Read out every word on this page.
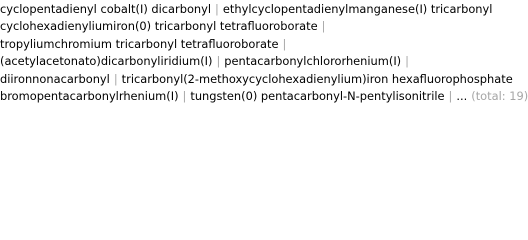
cyclopentadienyl cobalt(I) dicarbonyl | ethylcyclopentadienylmanganese(I) tricarbonyl
cyclohexadienyliumiron(0) tricarbonyl tetrafluoroborate |
tropyliumchromium tricarbonyl tetrafluoroborate |
(acetylacetonato)dicarbonyliridium(I) | pentacarbonylchlororhenium(I) |
diironnonacarbonyl | tricarbonyl(2-methoxycyclohexadienylium)iron hexafluorophosphate
bromopentacarbonylrhenium(I) | tungsten(0) pentacarbonyl-N-pentylisonitrile | ... (total: 19)
